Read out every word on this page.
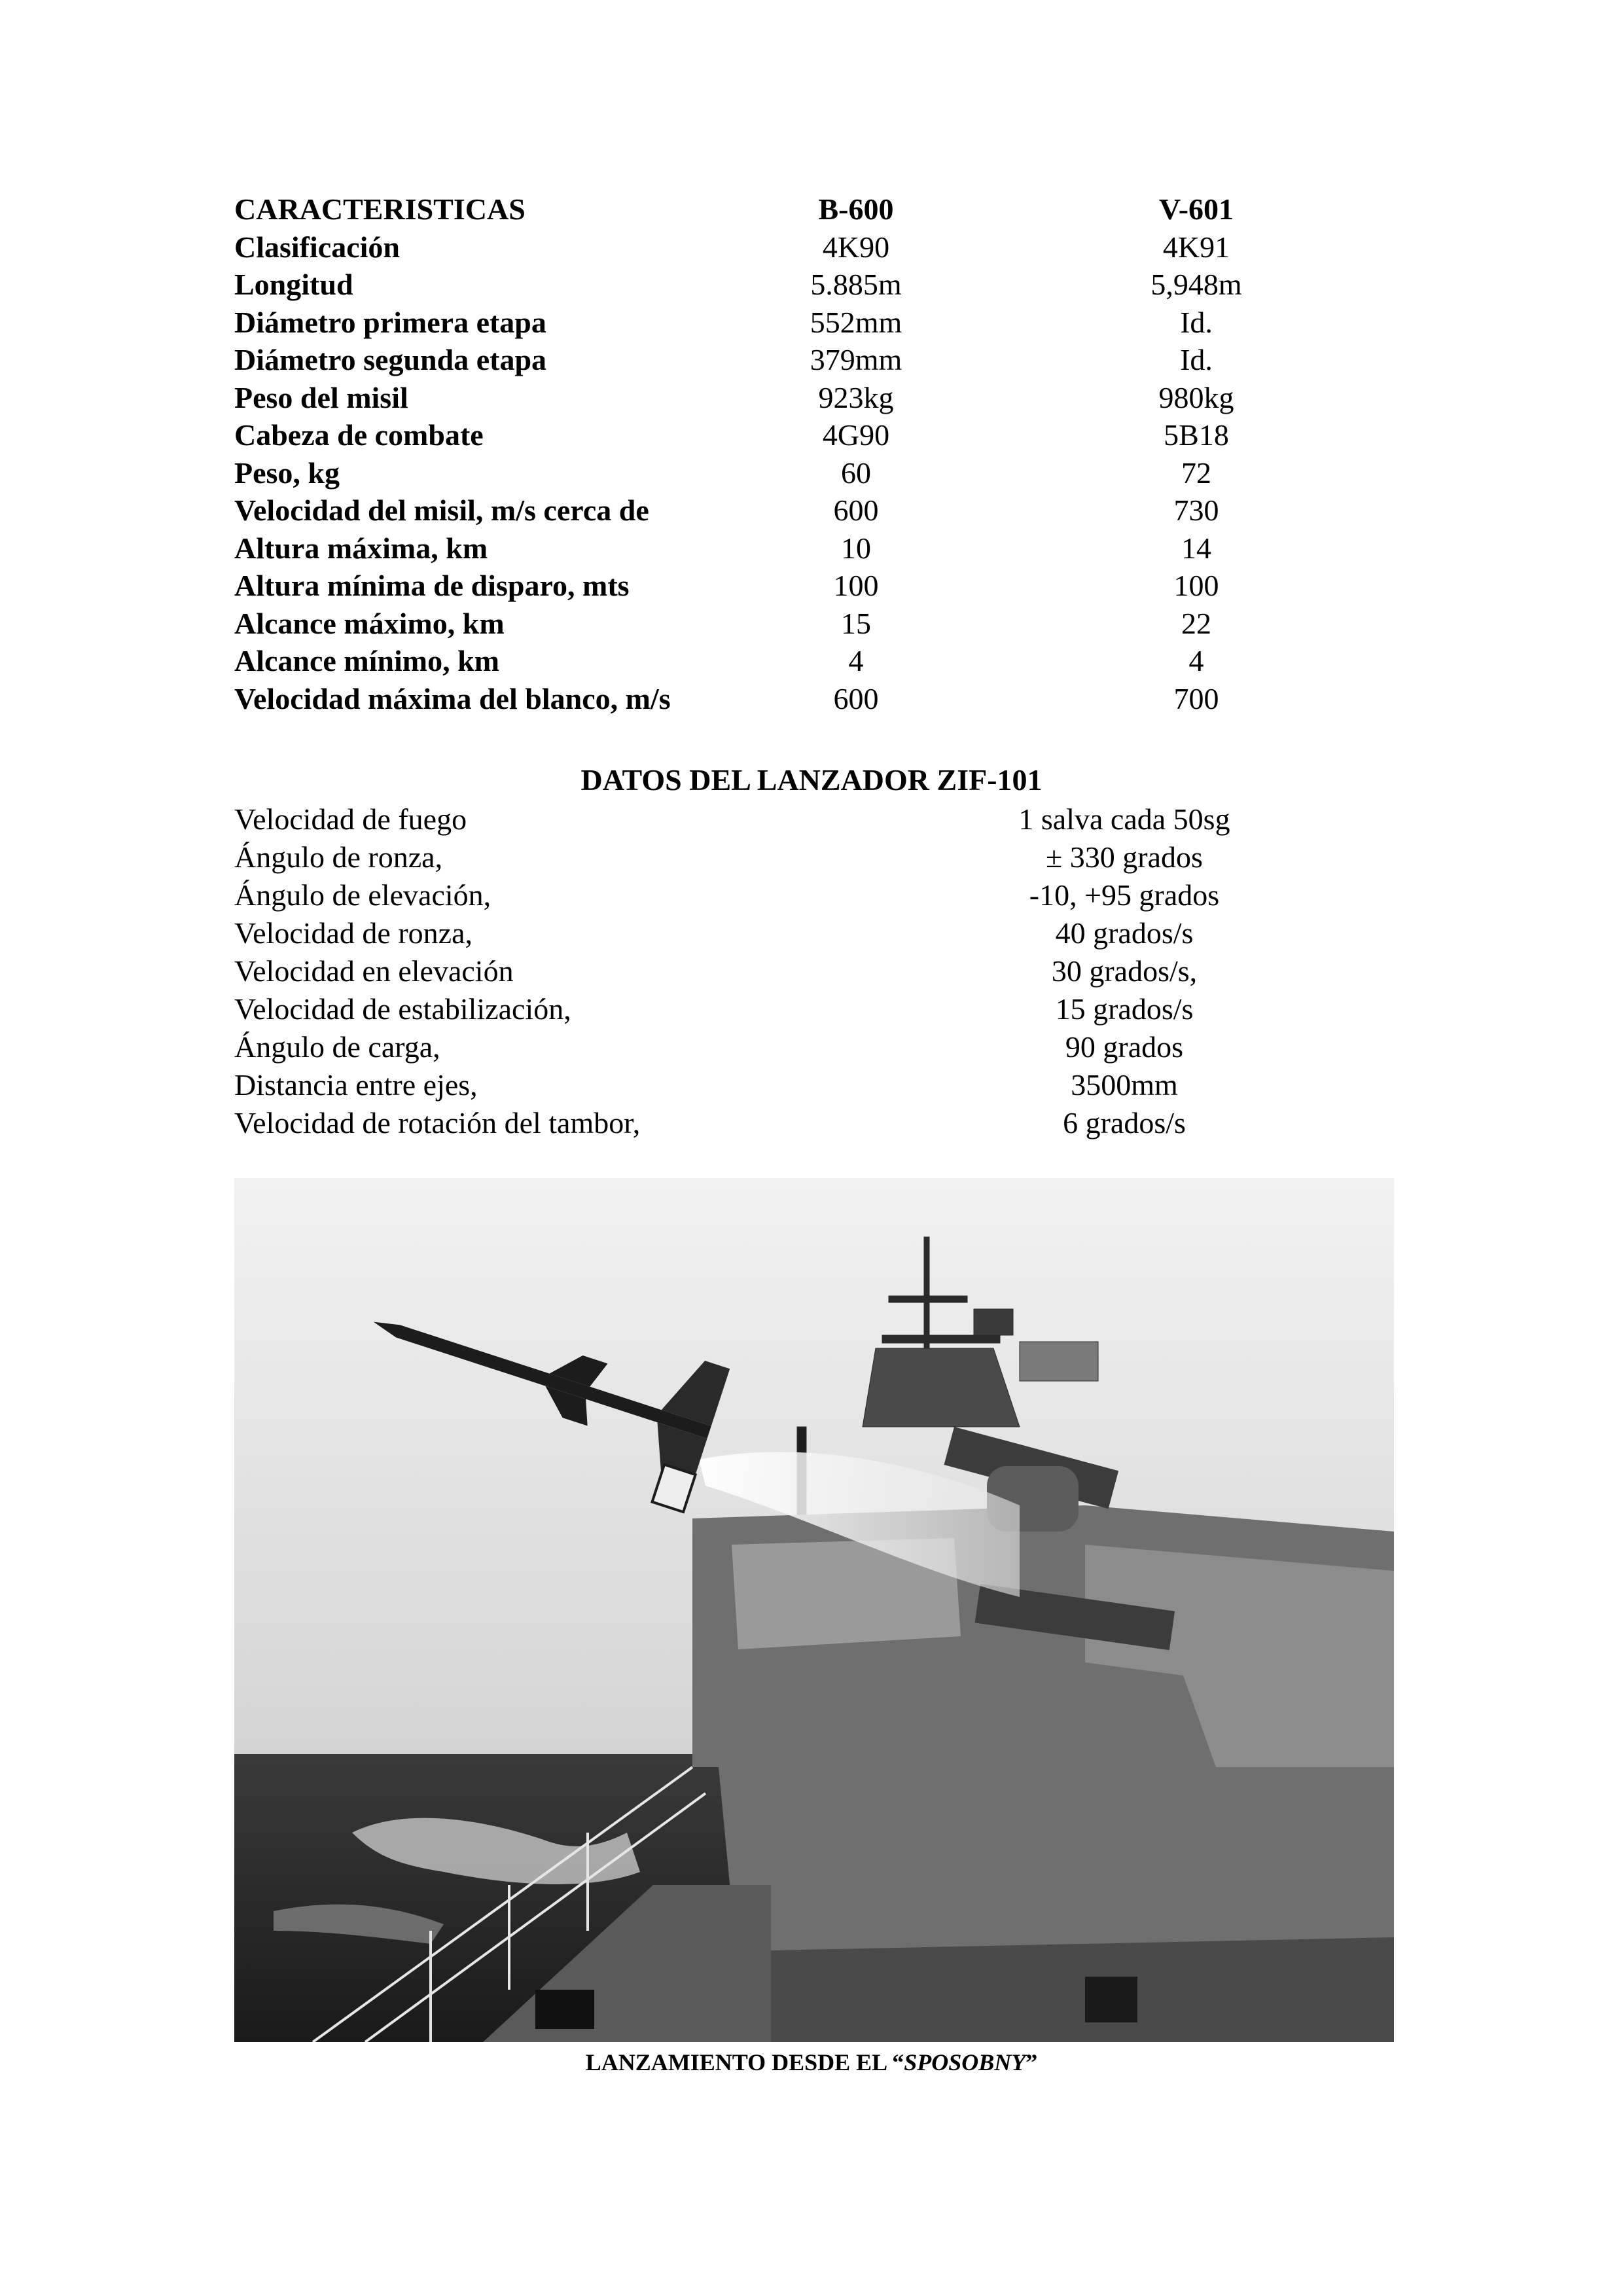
CARACTERISTICAS	B-600	V-601
Clasificación	4K90	4K91
Longitud	5.885m	5,948m
Diámetro primera etapa	552mm	Id.
Diámetro segunda etapa	379mm	Id.
Peso del misil	923kg	980kg
Cabeza de combate	4G90	5B18
Peso, kg	60	72
Velocidad del misil, m/s cerca de	600	730
Altura máxima, km	10	14
Altura mínima de disparo, mts	100	100
Alcance máximo, km	15	22
Alcance mínimo, km	4	4
Velocidad máxima del blanco, m/s	600	700
DATOS DEL LANZADOR ZIF-101
Velocidad de fuego	1 salva cada 50sg
Ángulo de ronza,	± 330 grados
Ángulo de elevación,	-10, +95 grados
Velocidad de ronza,	40 grados/s
Velocidad en elevación	30 grados/s,
Velocidad de estabilización,	15 grados/s
Ángulo de carga,	90 grados
Distancia entre ejes,	3500mm
Velocidad de rotación del tambor,	6 grados/s
LANZAMIENTO DESDE EL “SPOSOBNY”
